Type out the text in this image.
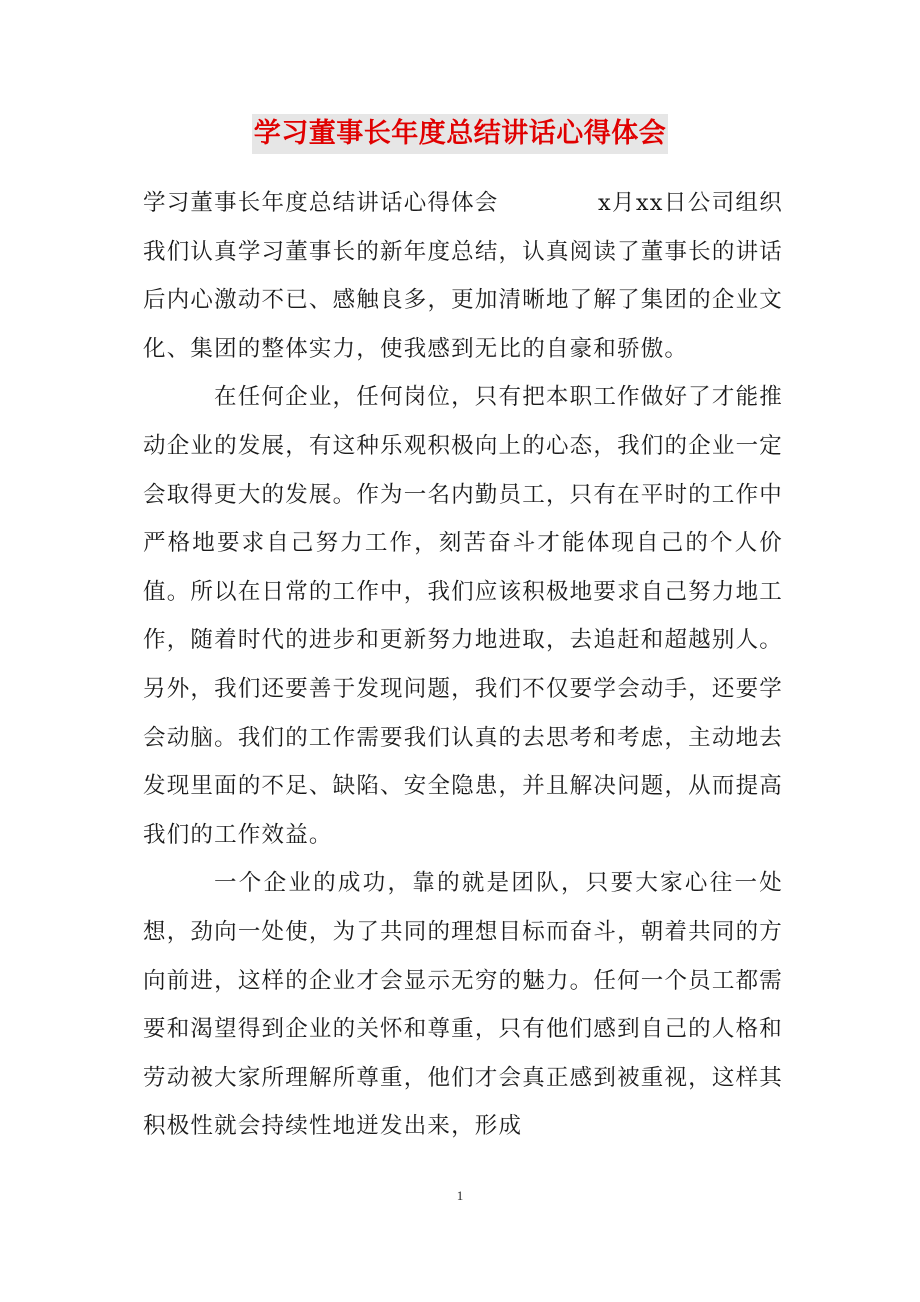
学习董事长年度总结讲话心得体会

学习董事长年度总结讲话心得体会	x月xx日公司组织我们认真学习董事长的新年度总结，认真阅读了董事长的讲话后内心激动不已、感触良多，更加清晰地了解了集团的企业文化、集团的整体实力，使我感到无比的自豪和骄傲。

在任何企业，任何岗位，只有把本职工作做好了才能推动企业的发展，有这种乐观积极向上的心态，我们的企业一定会取得更大的发展。作为一名内勤员工，只有在平时的工作中严格地要求自己努力工作，刻苦奋斗才能体现自己的个人价值。所以在日常的工作中，我们应该积极地要求自己努力地工作，随着时代的进步和更新努力地进取，去追赶和超越别人。另外，我们还要善于发现问题，我们不仅要学会动手，还要学会动脑。我们的工作需要我们认真的去思考和考虑，主动地去发现里面的不足、缺陷、安全隐患，并且解决问题，从而提高我们的工作效益。

一个企业的成功，靠的就是团队，只要大家心往一处想，劲向一处使，为了共同的理想目标而奋斗，朝着共同的方向前进，这样的企业才会显示无穷的魅力。任何一个员工都需要和渴望得到企业的关怀和尊重，只有他们感到自己的人格和劳动被大家所理解所尊重，他们才会真正感到被重视，这样其积极性就会持续性地迸发出来，形成

1
